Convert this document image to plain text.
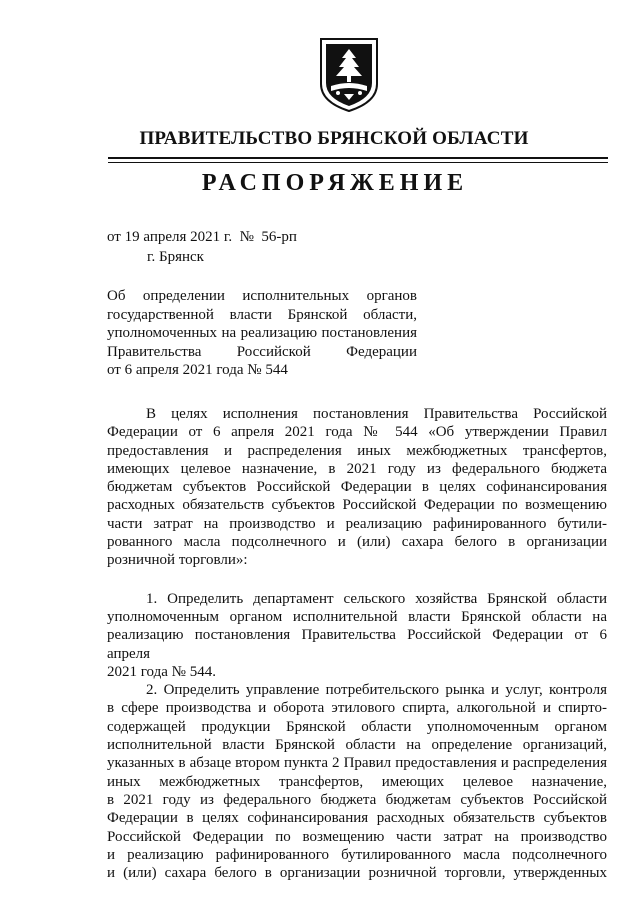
ПРАВИТЕЛЬСТВО БРЯНСКОЙ ОБЛАСТИ
РАСПОРЯЖЕНИЕ
от 19 апреля 2021 г.  №  56-рп
г. Брянск
Об определении исполнительных органов
государственной власти Брянской области,
уполномоченных на реализацию постановления
Правительства Российской Федерации
от 6 апреля 2021 года № 544
В целях исполнения постановления Правительства Российской
Федерации от 6 апреля 2021 года № 544 «Об утверждении Правил
предоставления и распределения иных межбюджетных трансфертов,
имеющих целевое назначение, в 2021 году из федерального бюджета
бюджетам субъектов Российской Федерации в целях софинансирования
расходных обязательств субъектов Российской Федерации по возмещению
части затрат на производство и реализацию рафинированного бутили-
рованного масла подсолнечного и (или) сахара белого в организации
розничной торговли»:
1. Определить департамент сельского хозяйства Брянской области
уполномоченным органом исполнительной власти Брянской области на
реализацию постановления Правительства Российской Федерации от 6 апреля
2021 года № 544.
2. Определить управление потребительского рынка и услуг, контроля
в сфере производства и оборота этилового спирта, алкогольной и спирто-
содержащей продукции Брянской области уполномоченным органом
исполнительной власти Брянской области на определение организаций,
указанных в абзаце втором пункта 2 Правил предоставления и распределения
иных межбюджетных трансфертов, имеющих целевое назначение,
в 2021 году из федерального бюджета бюджетам субъектов Российской
Федерации в целях софинансирования расходных обязательств субъектов
Российской Федерации по возмещению части затрат на производство
и реализацию рафинированного бутилированного масла подсолнечного
и (или) сахара белого в организации розничной торговли, утвержденных
